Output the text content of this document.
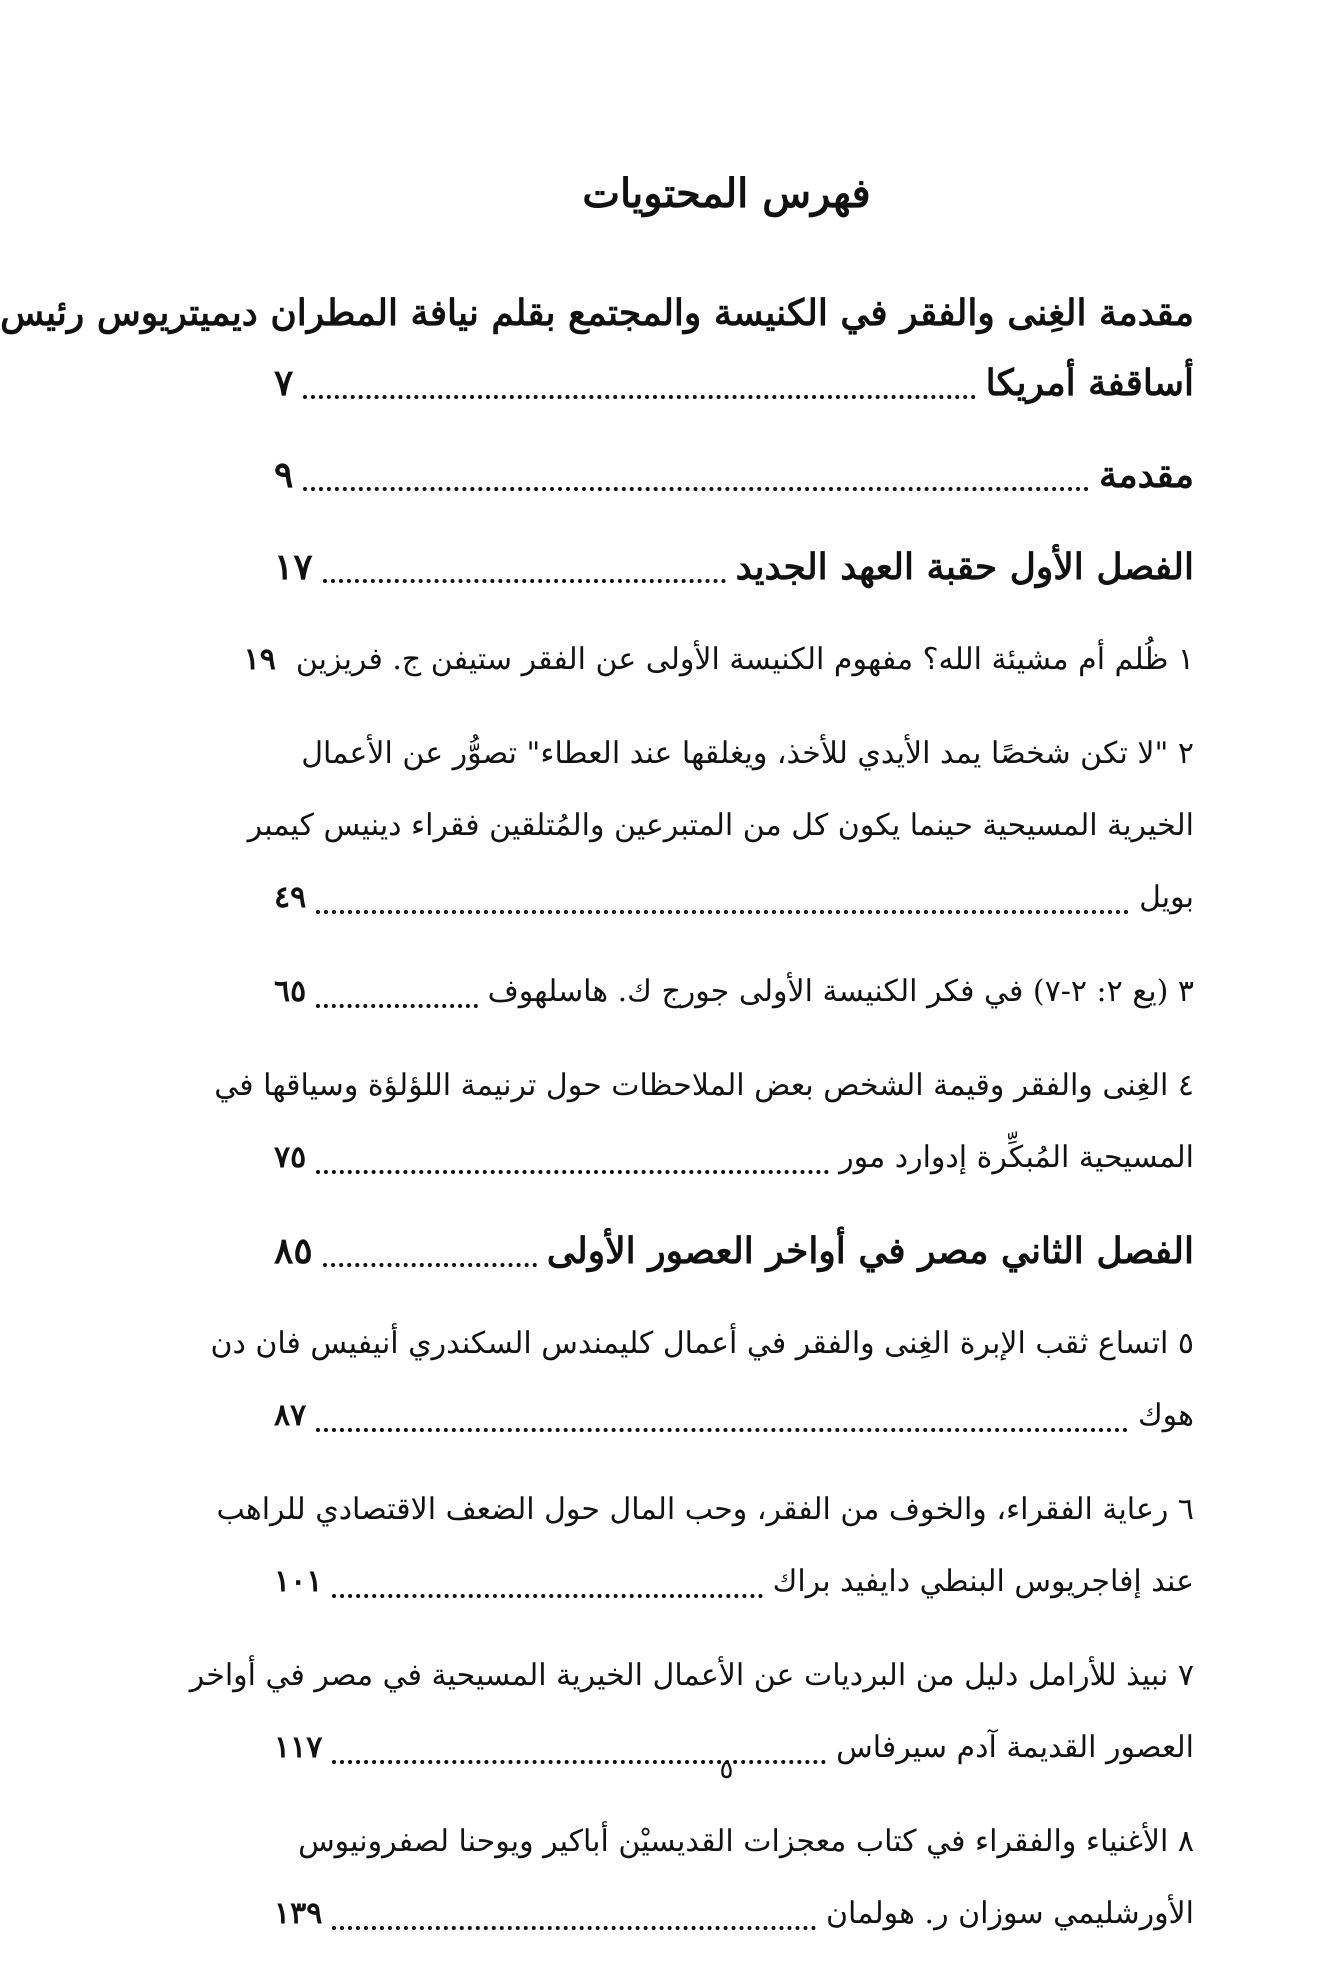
فهرس المحتويات
مقدمة الغِنى والفقر في الكنيسة والمجتمع بقلم نيافة المطران ديميتريوس رئيس
أساقفة أمريكا
٧
مقدمة
٩
الفصل الأول حقبة العهد الجديد
١٧
١ ظُلم أم مشيئة الله؟ مفهوم الكنيسة الأولى عن الفقر ستيفن ج. فريزين
١٩
٢ "لا تكن شخصًا يمد الأيدي للأخذ، ويغلقها عند العطاء" تصوُّر عن الأعمال
الخيرية المسيحية حينما يكون كل من المتبرعين والمُتلقين فقراء دينيس كيمبر
بويل
٤٩
٣ (يع ٢: ٢-٧) في فكر الكنيسة الأولى جورج ك. هاسلهوف
٦٥
٤ الغِنى والفقر وقيمة الشخص بعض الملاحظات حول ترنيمة اللؤلؤة وسياقها في
المسيحية المُبكِّرة إدوارد مور
٧٥
الفصل الثاني مصر في أواخر العصور الأولى
٨٥
٥ اتساع ثقب الإبرة الغِنى والفقر في أعمال كليمندس السكندري أنيفيس فان دن
هوك
٨٧
٦ رعاية الفقراء، والخوف من الفقر، وحب المال حول الضعف الاقتصادي للراهب
عند إفاجريوس البنطي دايفيد براك
١٠١
٧ نبيذ للأرامل دليل من البرديات عن الأعمال الخيرية المسيحية في مصر في أواخر
العصور القديمة آدم سيرفاس
١١٧
٨ الأغنياء والفقراء في كتاب معجزات القديسيْن أباكير ويوحنا لصفرونيوس
الأورشليمي سوزان ر. هولمان
١٣٩
٥
